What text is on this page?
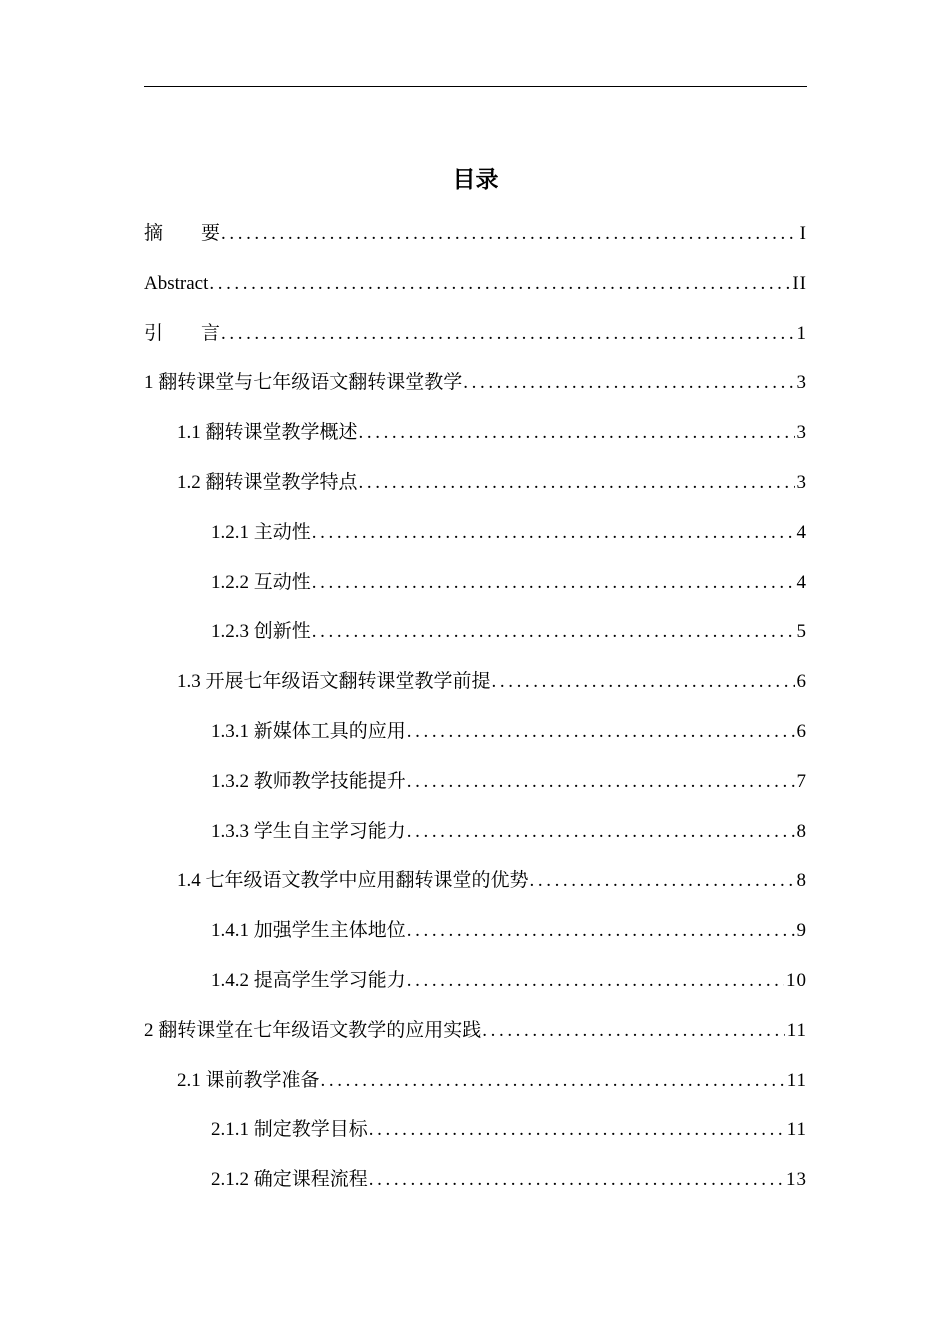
目录
摘　　要 .....	I
Abstract .....	II
引　　言 .....	1
1 翻转课堂与七年级语文翻转课堂教学 .....	3
1.1 翻转课堂教学概述 .....	3
1.2 翻转课堂教学特点 .....	3
1.2.1 主动性 .....	4
1.2.2 互动性 .....	4
1.2.3 创新性 .....	5
1.3 开展七年级语文翻转课堂教学前提 .....	6
1.3.1 新媒体工具的应用 .....	6
1.3.2 教师教学技能提升 .....	7
1.3.3 学生自主学习能力 .....	8
1.4 七年级语文教学中应用翻转课堂的优势 .....	8
1.4.1 加强学生主体地位 .....	9
1.4.2 提高学生学习能力 .....	10
2 翻转课堂在七年级语文教学的应用实践 .....	11
2.1 课前教学准备 .....	11
2.1.1 制定教学目标 .....	11
2.1.2 确定课程流程 .....	13
